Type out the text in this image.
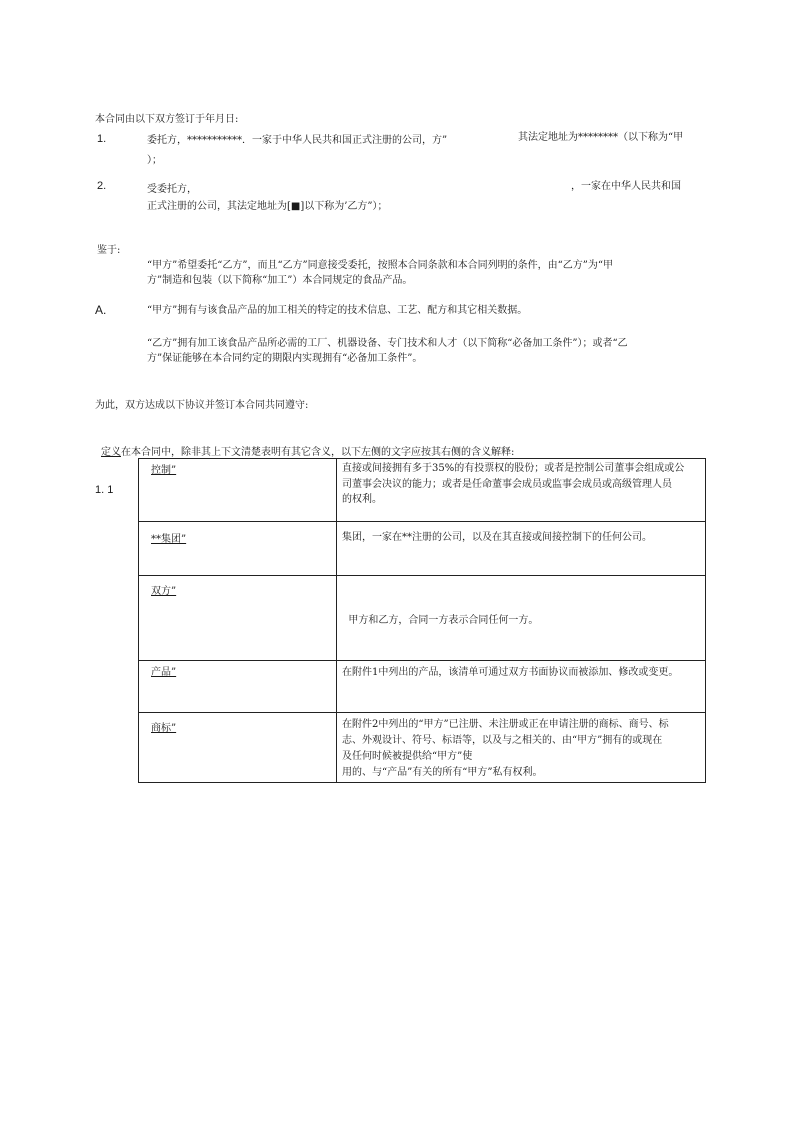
本合同由以下双方签订于年月日:
1.	委托方，***********．一家于中华人民共和国正式注册的公司，方”	其法定地址为********（以下称为“甲
）；
2.	受委托方，	，一家在中华人民共和国
正式注册的公司，其法定地址为[■]以下称为’乙方”）；
鉴于:
“甲方”希望委托“乙方”，而且“乙方”同意接受委托，按照本合同条款和本合同列明的条件，由“乙方”为“甲
方”制造和包装（以下简称“加工”）本合同规定的食品产品。
A.	“甲方”拥有与该食品产品的加工相关的特定的技术信息、工艺、配方和其它相关数据。
“乙方”拥有加工该食品产品所必需的工厂、机器设备、专门技术和人才（以下简称“必备加工条件”）；或者“乙
方”保证能够在本合同约定的期限内实现拥有“必备加工条件”。
为此，双方达成以下协议并签订本合同共同遵守:
定义在本合同中，除非其上下文清楚表明有其它含义，以下左侧的文字应按其右侧的含义解释:
1. 1
控制”	直接或间接拥有多于35%的有投票权的股份；或者是控制公司董事会组成或公
司董事会决议的能力；或者是任命董事会成员或监事会成员或高级管理人员
的权利。

**集团”	集团，一家在**注册的公司，以及在其直接或间接控制下的任何公司。

双方”	甲方和乙方，合同一方表示合同任何一方。

产品”	在附件1中列出的产品，该清单可通过双方书面协议而被添加、修改或变更。

商标”	在附件2中列出的“甲方”已注册、未注册或正在申请注册的商标、商号、标
志、外观设计、符号、标语等，以及与之相关的、由“甲方”拥有的或现在
及任何时候被提供给“甲方”使
用的、与“产品”有关的所有“甲方”私有权利。
